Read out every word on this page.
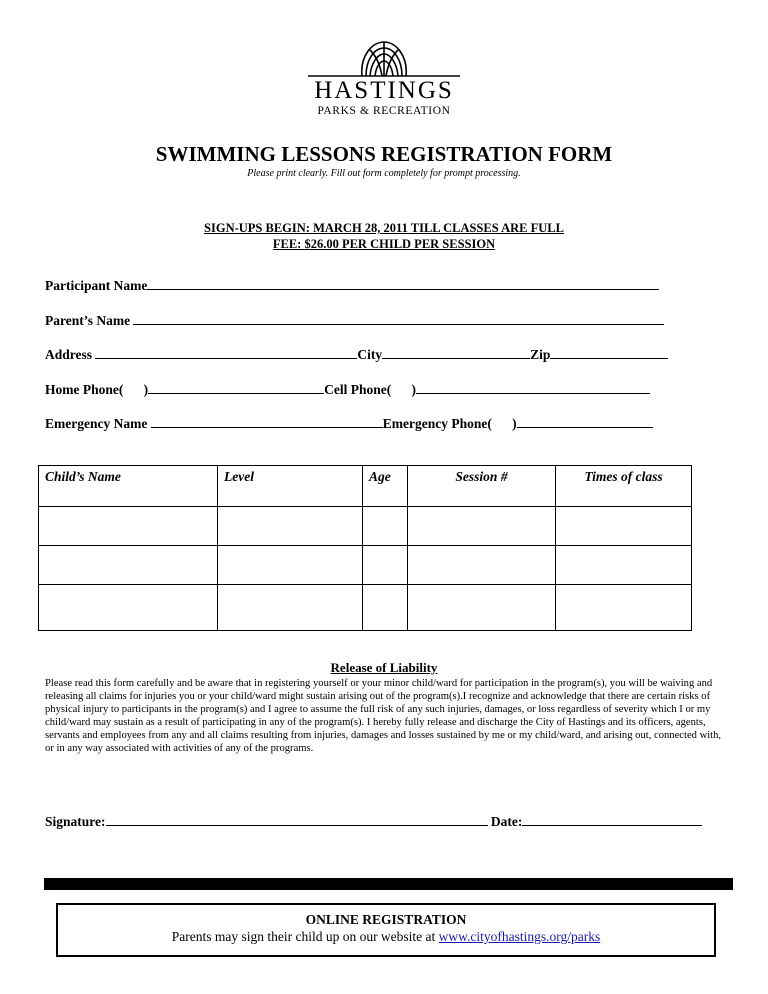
HASTINGS
PARKS & RECREATION
SWIMMING LESSONS REGISTRATION FORM
Please print clearly. Fill out form completely for prompt processing.
SIGN-UPS BEGIN: MARCH 28, 2011 TILL CLASSES ARE FULL
FEE: $26.00 PER CHILD PER SESSION
Participant Name
Parent’s Name
Address	City	Zip
Home Phone(      )	Cell Phone(      )
Emergency Name	Emergency Phone(      )
Child’s Name	Level	Age	Session #	Times of class

Release of Liability
Please read this form carefully and be aware that in registering yourself or your minor child/ward for participation in the program(s), you will be waiving and releasing all claims for injuries you or your child/ward might sustain arising out of the program(s).I recognize and acknowledge that there are certain risks of physical injury to participants in the program(s) and I agree to assume the full risk of any such injuries, damages, or loss regardless of severity which I or my child/ward may sustain as a result of participating in any of the program(s). I hereby fully release and discharge the City of Hastings and its officers, agents, servants and employees from any and all claims resulting from injuries, damages and losses sustained by me or my child/ward, and arising out, connected with, or in any way associated with activities of any of the programs.
Signature:	Date:
ONLINE REGISTRATION
Parents may sign their child up on our website at www.cityofhastings.org/parks
